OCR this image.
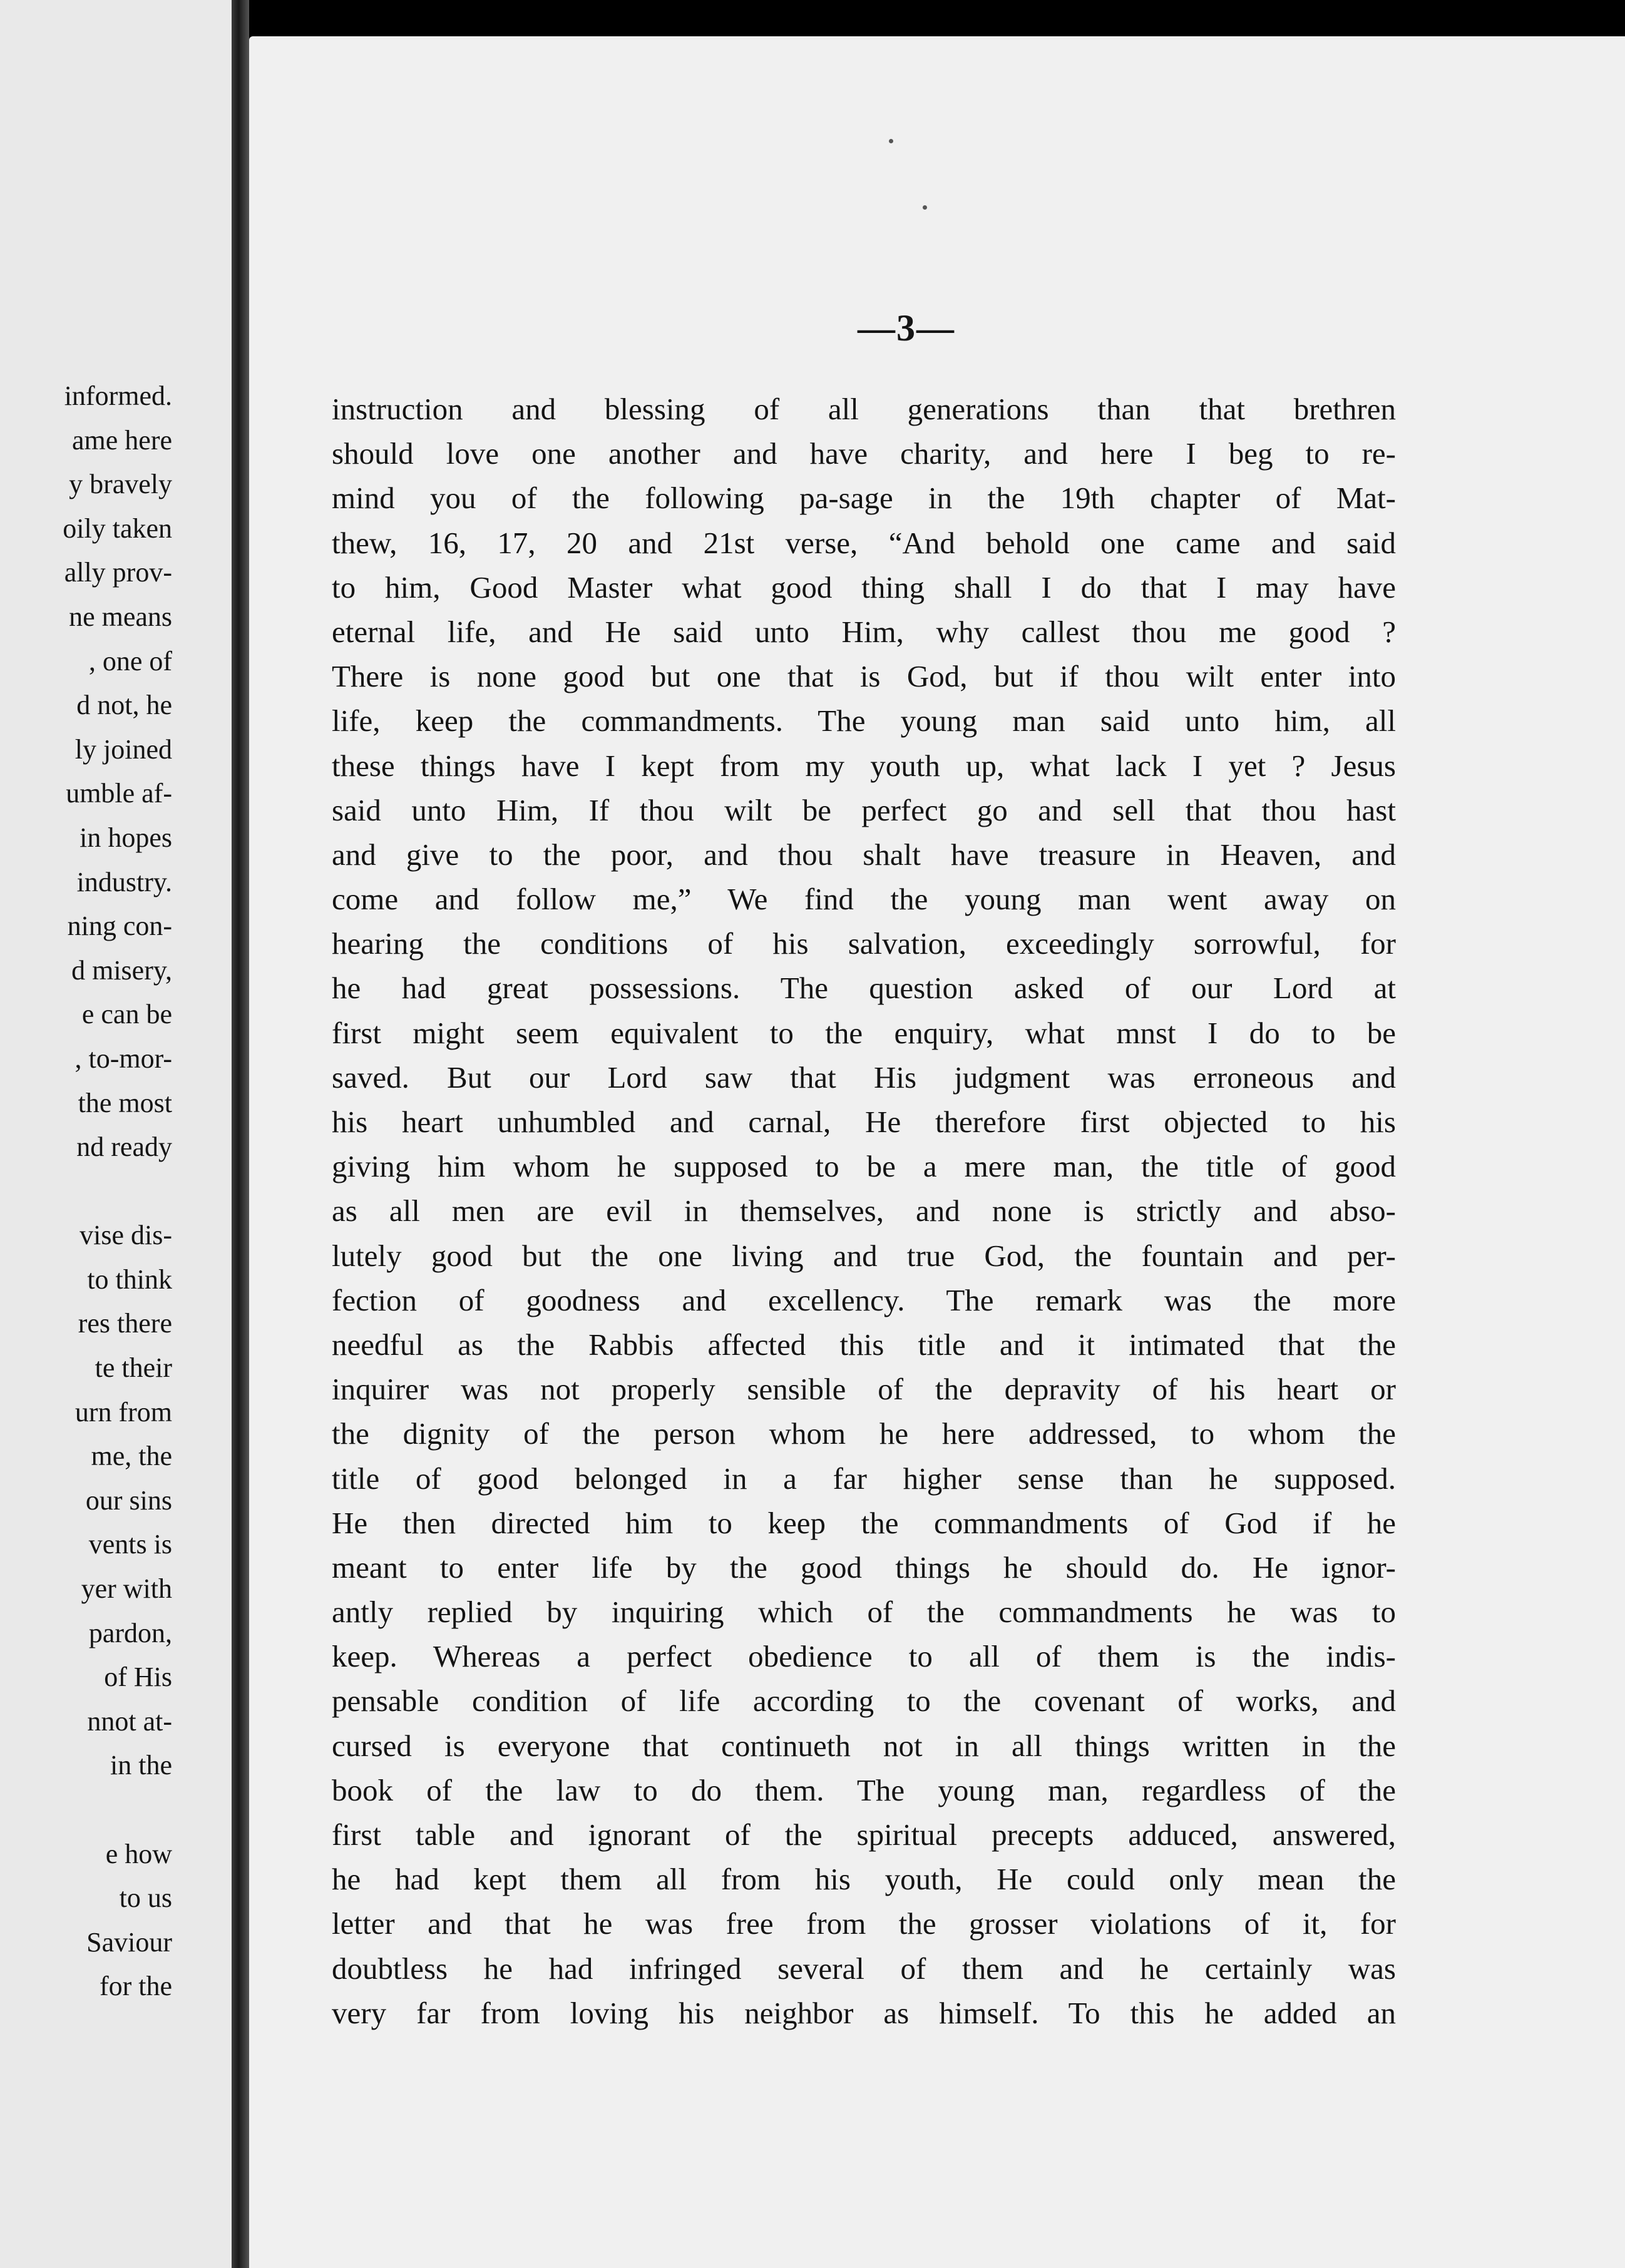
informed.
ame here
y bravely
oily taken
ally prov-
ne means
, one of
d not, he
ly joined
umble af-
in hopes
industry.
ning con-
d misery,
e can be
, to-mor-
the most
nd ready
vise dis-
to think
res there
te their
urn from
me, the
our sins
vents is
yer with
pardon,
of His
nnot at-
in the
e how
to us
Saviour
for the
—3—
instruction and blessing of all generations than that brethren
should love one another and have charity, and here I beg to re-
mind you of the following pa-sage in the 19th chapter of Mat-
thew, 16, 17, 20 and 21st verse, “And behold one came and said
to him, Good Master what good thing shall I do that I may have
eternal life, and He said unto Him, why callest thou me good ?
There is none good but one that is God, but if thou wilt enter into
life, keep the commandments. The young man said unto him, all
these things have I kept from my youth up, what lack I yet ? Jesus
said unto Him, If thou wilt be perfect go and sell that thou hast
and give to the poor, and thou shalt have treasure in Heaven, and
come and follow me,” We find the young man went away on
hearing the conditions of his salvation, exceedingly sorrowful, for
he had great possessions. The question asked of our Lord at
first might seem equivalent to the enquiry, what mnst I do to be
saved. But our Lord saw that His judgment was erroneous and
his heart unhumbled and carnal, He therefore first objected to his
giving him whom he supposed to be a mere man, the title of good
as all men are evil in themselves, and none is strictly and abso-
lutely good but the one living and true God, the fountain and per-
fection of goodness and excellency. The remark was the more
needful as the Rabbis affected this title and it intimated that the
inquirer was not properly sensible of the depravity of his heart or
the dignity of the person whom he here addressed, to whom the
title of good belonged in a far higher sense than he supposed.
He then directed him to keep the commandments of God if he
meant to enter life by the good things he should do. He ignor-
antly replied by inquiring which of the commandments he was to
keep. Whereas a perfect obedience to all of them is the indis-
pensable condition of life according to the covenant of works, and
cursed is everyone that continueth not in all things written in the
book of the law to do them. The young man, regardless of the
first table and ignorant of the spiritual precepts adduced, answered,
he had kept them all from his youth, He could only mean the
letter and that he was free from the grosser violations of it, for
doubtless he had infringed several of them and he certainly was
very far from loving his neighbor as himself. To this he added an
